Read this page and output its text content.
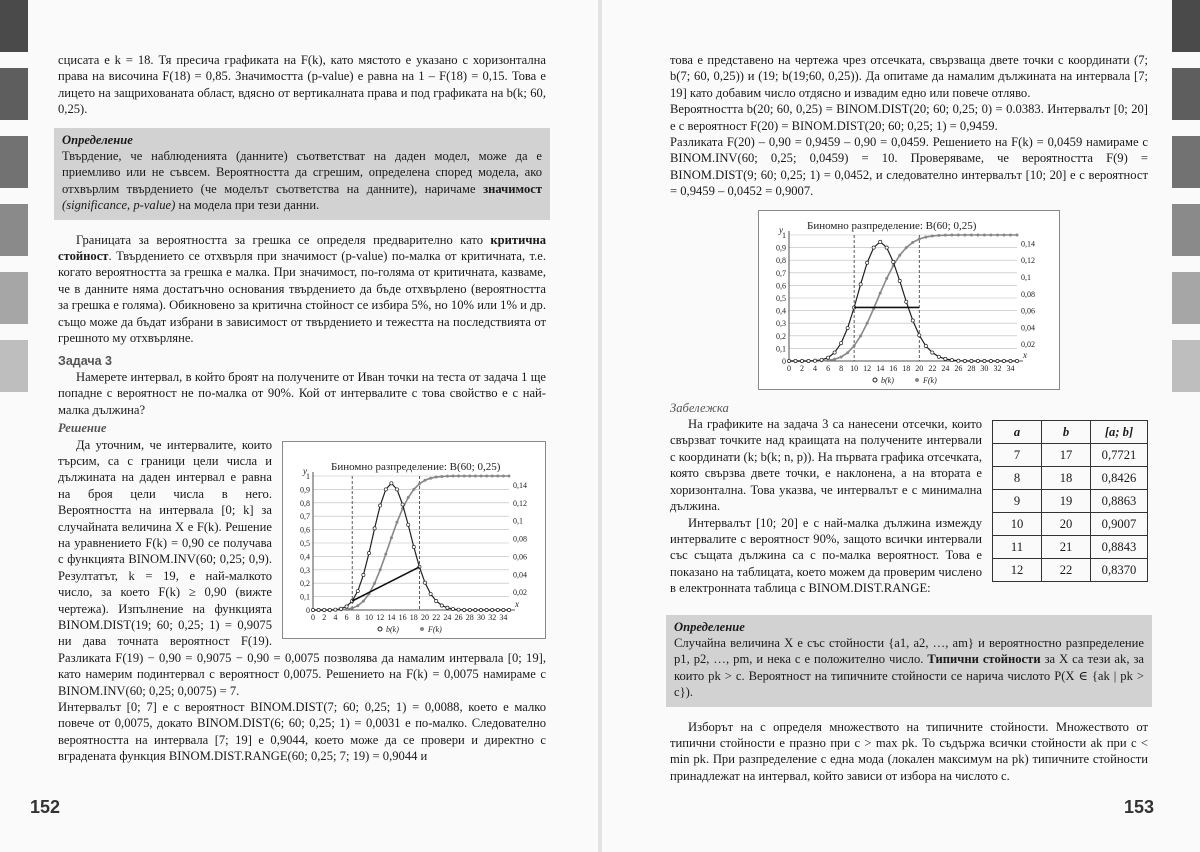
сцисата е k = 18. Тя пресича графиката на F(k), като мястото е указано с хоризонтална права на височина F(18) = 0,85. Значимостта (p-value) е равна на 1 – F(18) = 0,15. Това е лицето на защрихованата област, вдясно от вертикалната права и под графиката на b(k; 60, 0,25).

Определение

Твърдение, че наблюденията (данните) съответстват на даден модел, може да е приемливо или не съвсем. Вероятността да сгрешим, определена според модела, ако отхвърлим твърдението (че моделът съответства на данните), наричаме значимост (significance, p-value) на модела при тези данни.

Границата за вероятността за грешка се определя предварително като критична стойност. Твърдението се отхвърля при значимост (p-value) по-малка от критичната, т.е. когато вероятността за грешка е малка. При значимост, по-голяма от критичната, казваме, че в данните няма достатъчно основания твърдението да бъде отхвърлено (вероятността за грешка е голяма). Обикновено за критична стойност се избира 5%, но 10% или 1% и др. също може да бъдат избрани в зависимост от твърдението и тежестта на последствията от грешното му отхвърляне.

Задача 3

Намерете интервал, в който броят на получените от Иван точки на теста от задача 1 ще попадне с вероятност не по-малка от 90%. Кой от интервалите с това свойство е с най-малка дължина?

Решение
Биномно разпределение: B(60; 0,25)
0
0,1
0,2
0,3
0,4
0,5
0,6
0,7
0,8
0,9
1
0,02
0,04
0,06
0,08
0,1
0,12
0,14
y
x
0 2 4 6 8 10 12 14 16 18 20 22 24 26 28 30 32 34
b(k)	F(k)

Да уточним, че интервалите, които търсим, са с граници цели числа и дължината на даден интервал е равна на броя цели числа в него. Вероятността на интервала [0; k] за случайната величина X е F(k). Решение на уравнението F(k) = 0,90 се получава с функцията BINOM.INV(60; 0,25; 0,9). Резултатът, k = 19, е най-малкото число, за което F(k) ≥ 0,90 (вижте чертежа). Изпълнение на функцията BINOM.DIST(19; 60; 0,25; 1) = 0,9075 ни дава точната вероятност F(19). Разликата F(19) − 0,90 = 0,9075 − 0,90 = 0,0075 позволява да намалим интервала [0; 19], като намерим подинтервал с вероятност 0,0075. Решението на F(k) = 0,0075 намираме с BINOM.INV(60; 0,25; 0,0075) = 7.

Интервалът [0; 7] е с вероятност BINOM.DIST(7; 60; 0,25; 1) = 0,0088, което е малко повече от 0,0075, докато BINOM.DIST(6; 60; 0,25; 1) = 0,0031 е по-малко. Следователно вероятността на интервала [7; 19] е 0,9044, което може да се провери и директно с вградената функция BINOM.DIST.RANGE(60; 0,25; 7; 19) = 0,9044 и

152	153

това е представено на чертежа чрез отсечката, свързваща двете точки с координати (7; b(7; 60, 0,25)) и (19; b(19;60, 0,25)). Да опитаме да намалим дължината на интервала [7; 19] като добавим число отдясно и извадим едно или повече отляво.

Вероятността b(20; 60, 0,25) = BINOM.DIST(20; 60; 0,25; 0) = 0.0383. Интервалът [0; 20] е с вероятност F(20) = BINOM.DIST(20; 60; 0,25; 1) = 0,9459.

Разликата F(20) – 0,90 = 0,9459 – 0,90 = 0,0459. Решението на F(k) = 0,0459 намираме с BINOM.INV(60; 0,25; 0,0459) = 10. Проверяваме, че вероятността F(9) = BINOM.DIST(9; 60; 0,25; 1) = 0,0452, и следователно интервалът [10; 20] е с вероятност = 0,9459 – 0,0452 = 0,9007.

Биномно разпределение: B(60; 0,25)
0
0,1
0,2
0,3
0,4
0,5
0,6
0,7
0,8
0,9
1
0,02
0,04
0,06
0,08
0,1
0,12
0,14
y
x
0 2 4 6 8 10 12 14 16 18 20 22 24 26 28 30 32 34
b(k)	F(k)
Забележка
a	b	[a; b]
7	17	0,7721
8	18	0,8426
9	19	0,8863
10	20	0,9007
11	21	0,8843
12	22	0,8370

На графиките на задача 3 са нанесени отсечки, които свързват точките над краищата на получените интервали с координати (k; b(k; n, p)). На първата графика отсечката, която свързва двете точки, е наклонена, а на втората е хоризонтална. Това указва, че интервалът е с минимална дължина.

Интервалът [10; 20] е с най-малка дължина измежду интервалите с вероятност 90%, защото всички интервали със същата дължина са с по-малка вероятност. Това е показано на таблицата, което можем да проверим числено в електронната таблица с BINOM.DIST.RANGE:

Определение

Случайна величина X е със стойности {a1, a2, …, am} и вероятностно разпределение p1, p2, …, pm, и нека c е положително число. Типични стойности за X са тези ak, за които pk > c. Вероятност на типичните стойности се нарича числото P(X ∈ {ak | pk > c}).

Изборът на c определя множеството на типичните стойности. Множеството от типични стойности е празно при c > max pk. То съдържа всички стойности ak при c < min pk. При разпределение с една мода (локален максимум на pk) типичните стойности принадлежат на интервал, който зависи от избора на числото c.
